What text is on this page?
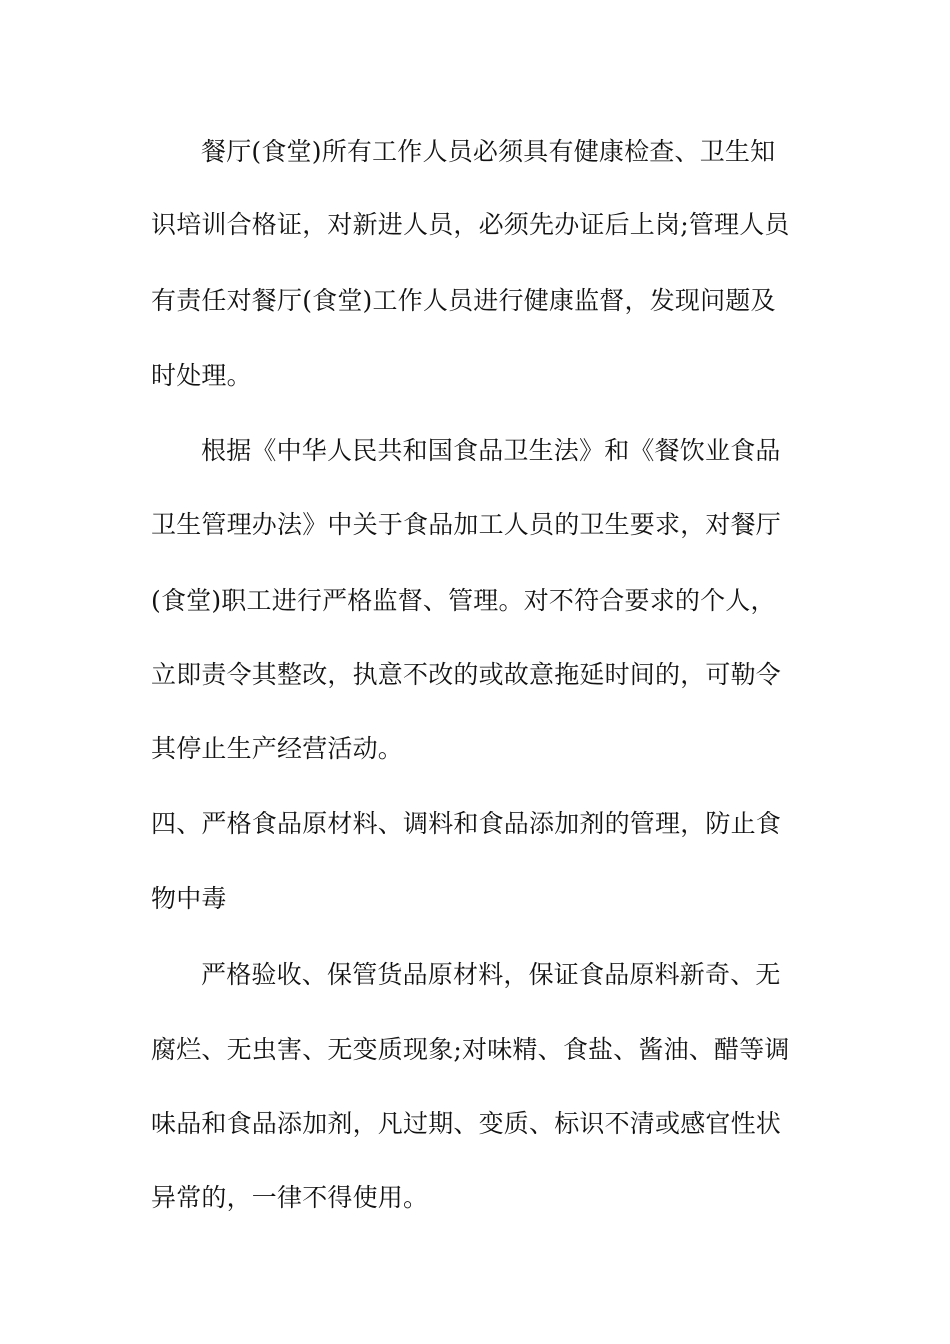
餐厅(食堂)所有工作人员必须具有健康检查、卫生知
识培训合格证，对新进人员，必须先办证后上岗;管理人员
有责任对餐厅(食堂)工作人员进行健康监督，发现问题及
时处理。
根据《中华人民共和国食品卫生法》和《餐饮业食品
卫生管理办法》中关于食品加工人员的卫生要求，对餐厅
(食堂)职工进行严格监督、管理。对不符合要求的个人，
立即责令其整改，执意不改的或故意拖延时间的，可勒令
其停止生产经营活动。
四、严格食品原材料、调料和食品添加剂的管理，防止食
物中毒
严格验收、保管货品原材料，保证食品原料新奇、无
腐烂、无虫害、无变质现象;对味精、食盐、酱油、醋等调
味品和食品添加剂，凡过期、变质、标识不清或感官性状
异常的，一律不得使用。
